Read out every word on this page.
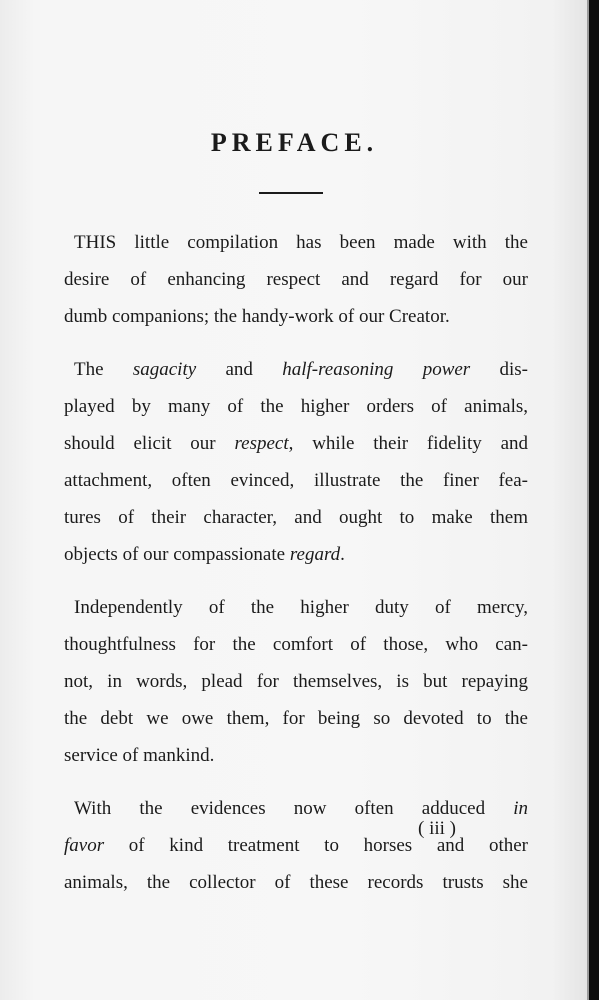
PREFACE.

THIS little compilation has been made with the
desire of enhancing respect and regard for our
dumb companions; the handy-work of our Creator.

The sagacity and half-reasoning power dis-
played by many of the higher orders of animals,
should elicit our respect, while their fidelity and
attachment, often evinced, illustrate the finer fea-
tures of their character, and ought to make them
objects of our compassionate regard.

Independently of the higher duty of mercy,
thoughtfulness for the comfort of those, who can-
not, in words, plead for themselves, is but repaying
the debt we owe them, for being so devoted to the
service of mankind.

With the evidences now often adduced in
favor of kind treatment to horses and other
animals, the collector of these records trusts she

( iii )
